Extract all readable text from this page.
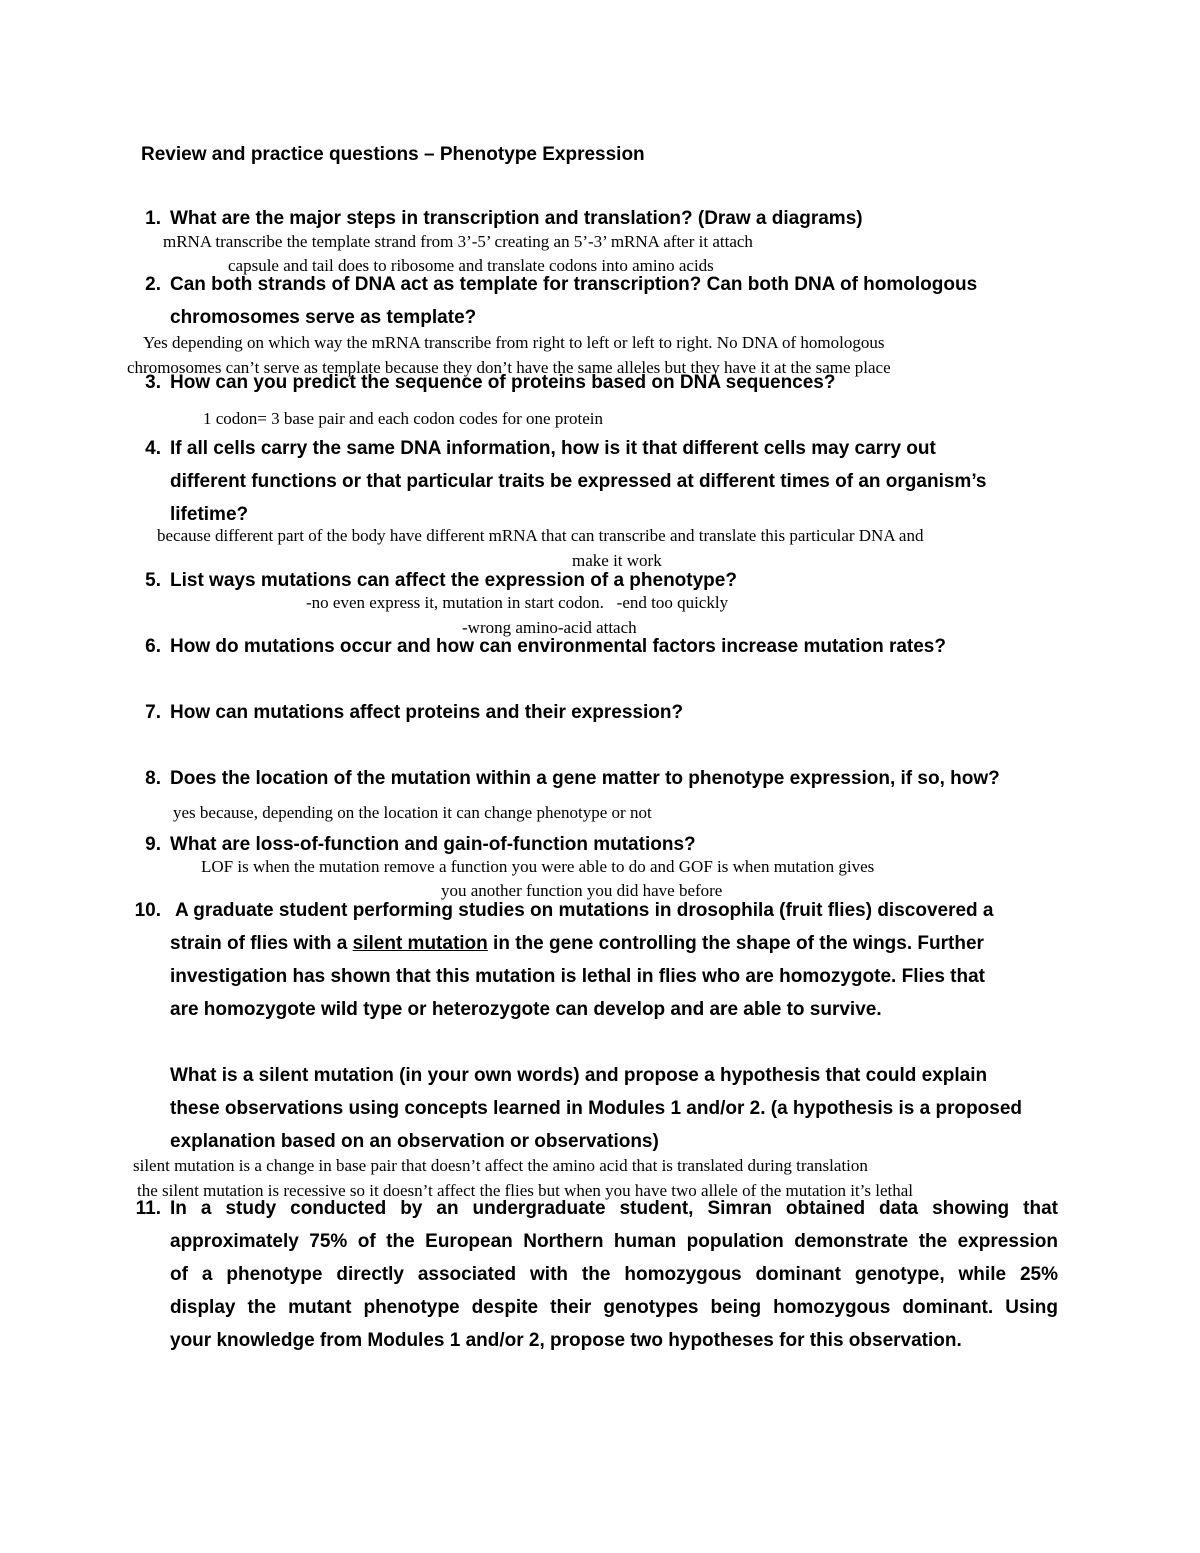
Review and practice questions – Phenotype Expression
1. What are the major steps in transcription and translation? (Draw a diagrams)
mRNA transcribe the template strand from 3’-5’ creating an 5’-3’ mRNA after it attach
capsule and tail does to ribosome and translate codons into amino acids
2. Can both strands of DNA act as template for transcription? Can both DNA of homologous
chromosomes serve as template?
Yes depending on which way the mRNA transcribe from right to left or left to right. No DNA of homologous
chromosomes can’t serve as template because they don’t have the same alleles but they have it at the same place
3. How can you predict the sequence of proteins based on DNA sequences?
1 codon= 3 base pair and each codon codes for one protein
4. If all cells carry the same DNA information, how is it that different cells may carry out
different functions or that particular traits be expressed at different times of an organism’s
lifetime?
because different part of the body have different mRNA that can transcribe and translate this particular DNA and
make it work
5. List ways mutations can affect the expression of a phenotype?
-no even express it, mutation in start codon.   -end too quickly
-wrong amino-acid attach
6. How do mutations occur and how can environmental factors increase mutation rates?
7. How can mutations affect proteins and their expression?
8. Does the location of the mutation within a gene matter to phenotype expression, if so, how?
yes because, depending on the location it can change phenotype or not
9. What are loss-of-function and gain-of-function mutations?
LOF is when the mutation remove a function you were able to do and GOF is when mutation gives
you another function you did have before
10. A graduate student performing studies on mutations in drosophila (fruit flies) discovered a
strain of flies with a silent mutation in the gene controlling the shape of the wings. Further
investigation has shown that this mutation is lethal in flies who are homozygote. Flies that
are homozygote wild type or heterozygote can develop and are able to survive.
What is a silent mutation (in your own words) and propose a hypothesis that could explain
these observations using concepts learned in Modules 1 and/or 2. (a hypothesis is a proposed
explanation based on an observation or observations)
silent mutation is a change in base pair that doesn’t affect the amino acid that is translated during translation
the silent mutation is recessive so it doesn’t affect the flies but when you have two allele of the mutation it’s lethal
11. In a study conducted by an undergraduate student, Simran obtained data showing that
approximately 75% of the European Northern human population demonstrate the expression
of a phenotype directly associated with the homozygous dominant genotype, while 25%
display the mutant phenotype despite their genotypes being homozygous dominant. Using
your knowledge from Modules 1 and/or 2, propose two hypotheses for this observation.
